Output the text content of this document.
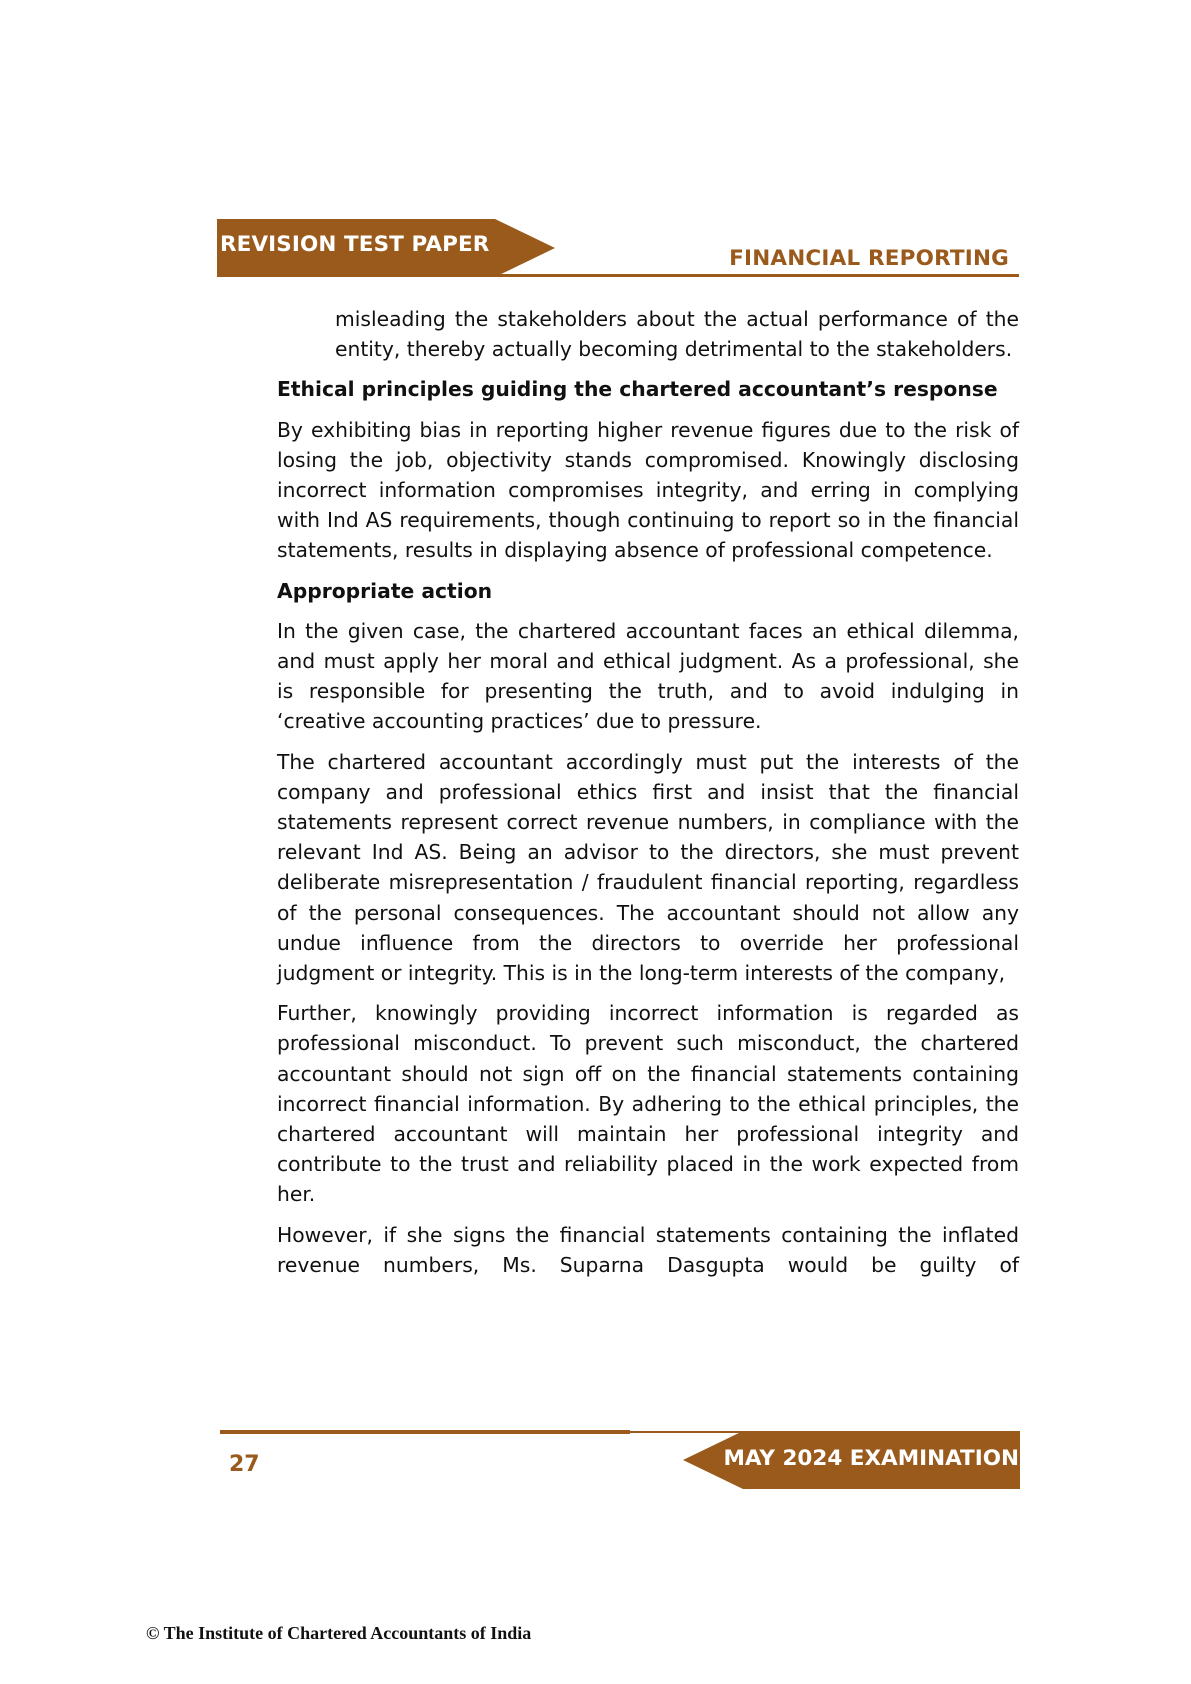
REVISION TEST PAPER
FINANCIAL REPORTING

misleading the stakeholders about the actual performance of the entity, thereby actually becoming detrimental to the stakeholders.

Ethical principles guiding the chartered accountant’s response

By exhibiting bias in reporting higher revenue figures due to the risk of losing the job, objectivity stands compromised. Knowingly disclosing incorrect information compromises integrity, and erring in complying with Ind AS requirements, though continuing to report so in the financial statements, results in displaying absence of professional competence.

Appropriate action

In the given case, the chartered accountant faces an ethical dilemma, and must apply her moral and ethical judgment. As a professional, she is responsible for presenting the truth, and to avoid indulging in ‘creative accounting practices’ due to pressure.

The chartered accountant accordingly must put the interests of the company and professional ethics first and insist that the financial statements represent correct revenue numbers, in compliance with the relevant Ind AS. Being an advisor to the directors, she must prevent deliberate misrepresentation / fraudulent financial reporting, regardless of the personal consequences. The accountant should not allow any undue influence from the directors to override her professional judgment or integrity. This is in the long-term interests of the company,

Further, knowingly providing incorrect information is regarded as professional misconduct. To prevent such misconduct, the chartered accountant should not sign off on the financial statements containing incorrect financial information. By adhering to the ethical principles, the chartered accountant will maintain her professional integrity and contribute to the trust and reliability placed in the work expected from her.

However, if she signs the financial statements containing the inflated revenue numbers, Ms. Suparna Dasgupta would be guilty of

27	MAY 2024 EXAMINATION
© The Institute of Chartered Accountants of India
